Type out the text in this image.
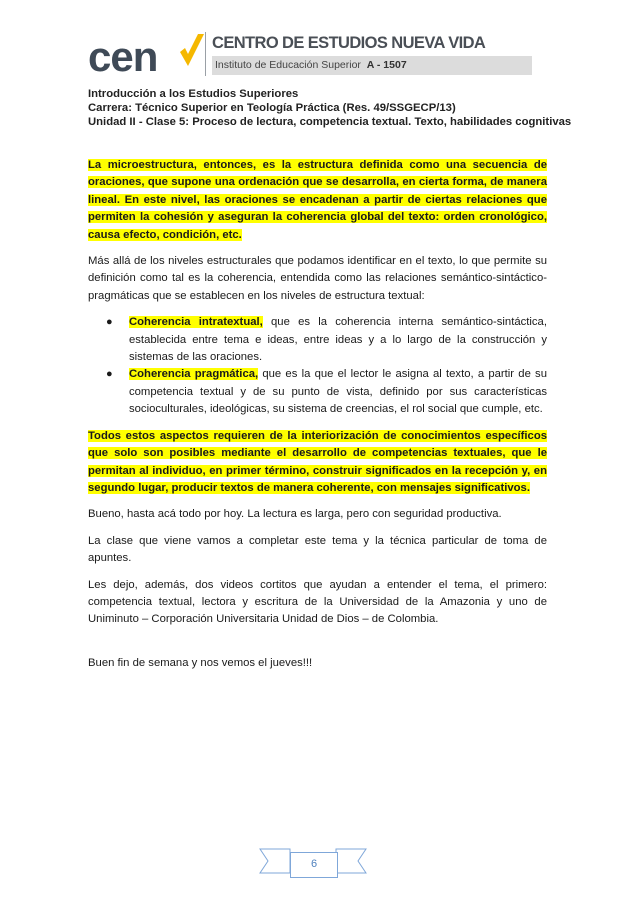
cen	CENTRO DE ESTUDIOS NUEVA VIDA
Instituto de Educación Superior A - 1507
Introducción a los Estudios Superiores
Carrera: Técnico Superior en Teología Práctica (Res. 49/SSGECP/13)
Unidad II - Clase 5: Proceso de lectura, competencia textual. Texto, habilidades cognitivas

La microestructura, entonces, es la estructura definida como una secuencia de oraciones, que supone una ordenación que se desarrolla, en cierta forma, de manera lineal. En este nivel, las oraciones se encadenan a partir de ciertas relaciones que permiten la cohesión y aseguran la coherencia global del texto: orden cronológico, causa efecto, condición, etc.

Más allá de los niveles estructurales que podamos identificar en el texto, lo que permite su definición como tal es la coherencia, entendida como las relaciones semántico-sintáctico-pragmáticas que se establecen en los niveles de estructura textual:

● Coherencia intratextual, que es la coherencia interna semántico-sintáctica, establecida entre tema e ideas, entre ideas y a lo largo de la construcción y sistemas de las oraciones.
● Coherencia pragmática, que es la que el lector le asigna al texto, a partir de su competencia textual y de su punto de vista, definido por sus características socioculturales, ideológicas, su sistema de creencias, el rol social que cumple, etc.

Todos estos aspectos requieren de la interiorización de conocimientos específicos que solo son posibles mediante el desarrollo de competencias textuales, que le permitan al individuo, en primer término, construir significados en la recepción y, en segundo lugar, producir textos de manera coherente, con mensajes significativos.

Bueno, hasta acá todo por hoy. La lectura es larga, pero con seguridad productiva.

La clase que viene vamos a completar este tema y la técnica particular de toma de apuntes.

Les dejo, además, dos videos cortitos que ayudan a entender el tema, el primero: competencia textual, lectora y escritura de la Universidad de la Amazonia y uno de Uniminuto – Corporación Universitaria Unidad de Dios – de Colombia.

Buen fin de semana y nos vemos el jueves!!!

6
